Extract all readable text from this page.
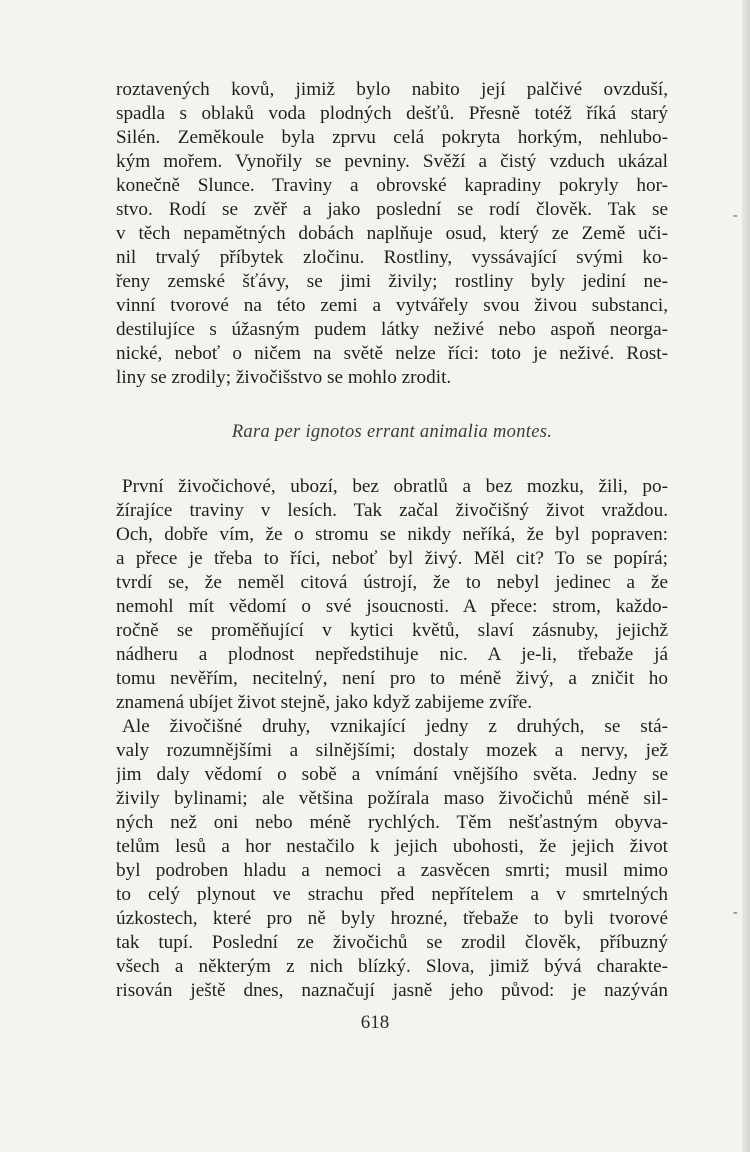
-
-
roztavených kovů, jimiž bylo nabito její palčivé ovzduší,
spadla s oblaků voda plodných dešťů. Přesně totéž říká starý
Silén. Zeměkoule byla zprvu celá pokryta horkým, nehlubo-
kým mořem. Vynořily se pevniny. Svěží a čistý vzduch ukázal
konečně Slunce. Traviny a obrovské kapradiny pokryly hor-
stvo. Rodí se zvěř a jako poslední se rodí člověk. Tak se
v těch nepamětných dobách naplňuje osud, který ze Země uči-
nil trvalý příbytek zločinu. Rostliny, vyssávající svými ko-
řeny zemské šťávy, se jimi živily; rostliny byly jediní ne-
vinní tvorové na této zemi a vytvářely svou živou substanci,
destilujíce s úžasným pudem látky neživé nebo aspoň neorga-
nické, neboť o ničem na světě nelze říci: toto je neživé. Rost-
liny se zrodily; živočišstvo se mohlo zrodit.
Rara per ignotos errant animalia montes.
První živočichové, ubozí, bez obratlů a bez mozku, žili, po-
žírajíce traviny v lesích. Tak začal živočišný život vraždou.
Och, dobře vím, že o stromu se nikdy neříká, že byl popraven:
a přece je třeba to říci, neboť byl živý. Měl cit? To se popírá;
tvrdí se, že neměl citová ústrojí, že to nebyl jedinec a že
nemohl mít vědomí o své jsoucnosti. A přece: strom, každo-
ročně se proměňující v kytici květů, slaví zásnuby, jejichž
nádheru a plodnost nepředstihuje nic. A je-li, třebaže já
tomu nevěřím, necitelný, není pro to méně živý, a zničit ho
znamená ubíjet život stejně, jako když zabijeme zvíře.
Ale živočišné druhy, vznikající jedny z druhých, se stá-
valy rozumnějšími a silnějšími; dostaly mozek a nervy, jež
jim daly vědomí o sobě a vnímání vnějšího světa. Jedny se
živily bylinami; ale většina požírala maso živočichů méně sil-
ných než oni nebo méně rychlých. Těm nešťastným obyva-
telům lesů a hor nestačilo k jejich ubohosti, že jejich život
byl podroben hladu a nemoci a zasvěcen smrti; musil mimo
to celý plynout ve strachu před nepřítelem a v smrtelných
úzkostech, které pro ně byly hrozné, třebaže to byli tvorové
tak tupí. Poslední ze živočichů se zrodil člověk, příbuzný
všech a některým z nich blízký. Slova, jimiž bývá charakte-
risován ještě dnes, naznačují jasně jeho původ: je nazýván
618
